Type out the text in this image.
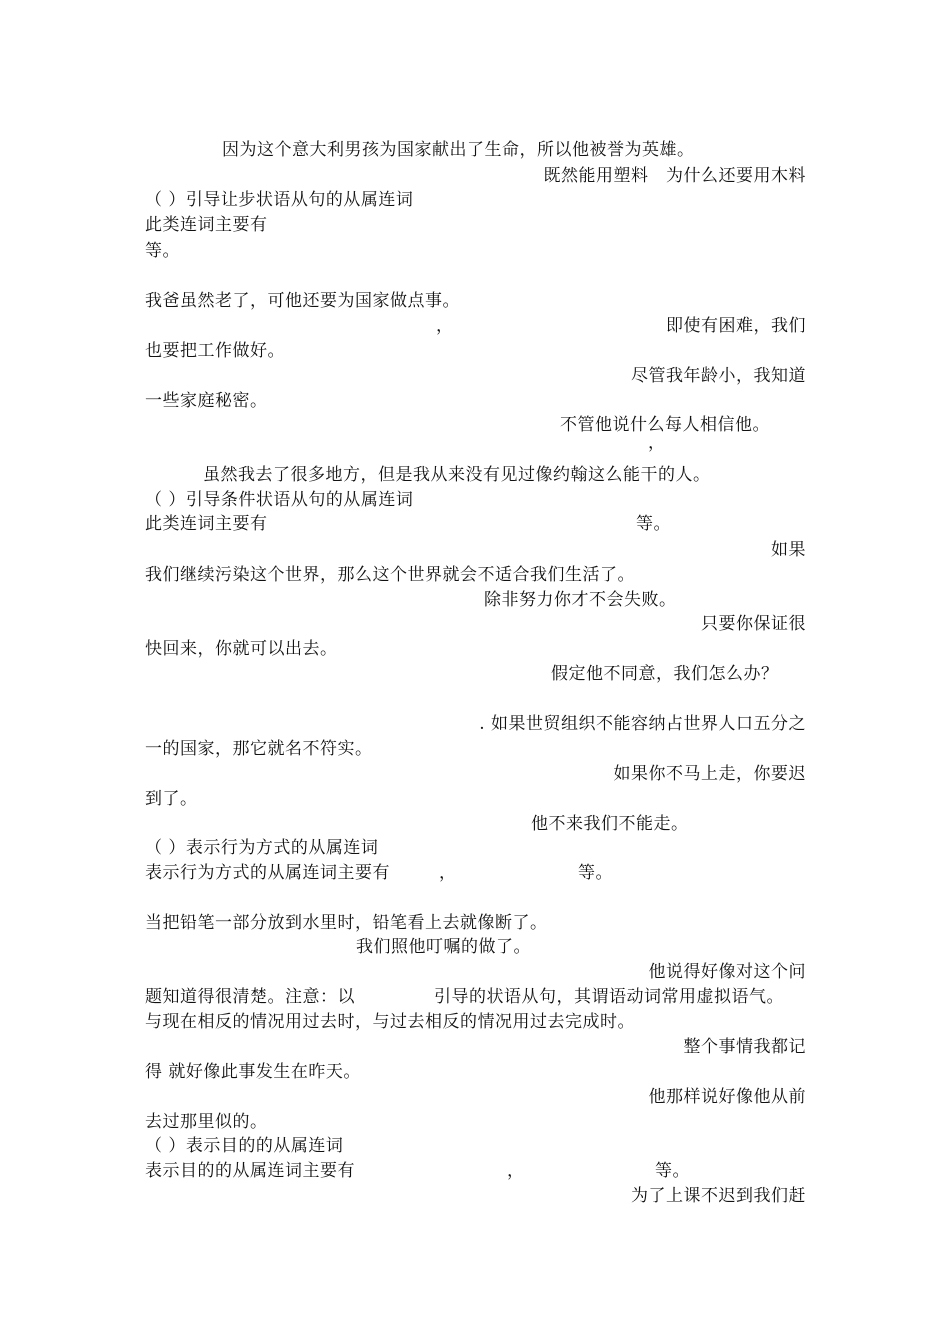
因为这个意大利男孩为国家献出了生命，所以他被誉为英雄。
既然能用塑料　为什么还要用木料
（ ）引导让步状语从句的从属连词
此类连词主要有
等。
我爸虽然老了，可他还要为国家做点事。
，	即使有困难，我们
也要把工作做好。
尽管我年龄小，我知道
一些家庭秘密。
不管他说什么每人相信他。
，
虽然我去了很多地方，但是我从来没有见过像约翰这么能干的人。
（ ）引导条件状语从句的从属连词
此类连词主要有	等。
如果
我们继续污染这个世界，那么这个世界就会不适合我们生活了。
除非努力你才不会失败。
只要你保证很
快回来，你就可以出去。
假定他不同意，我们怎么办？
. 如果世贸组织不能容纳占世界人口五分之
一的国家，那它就名不符实。
如果你不马上走，你要迟
到了。
他不来我们不能走。
（ ）表示行为方式的从属连词
表示行为方式的从属连词主要有	，	等。
当把铅笔一部分放到水里时，铅笔看上去就像断了。
我们照他叮嘱的做了。
他说得好像对这个问
题知道得很清楚。注意：以	引导的状语从句，其谓语动词常用虚拟语气。
与现在相反的情况用过去时，与过去相反的情况用过去完成时。
整个事情我都记
得 就好像此事发生在昨天。
他那样说好像他从前
去过那里似的。
（ ）表示目的的从属连词
表示目的的从属连词主要有	，	等。
为了上课不迟到我们赶
